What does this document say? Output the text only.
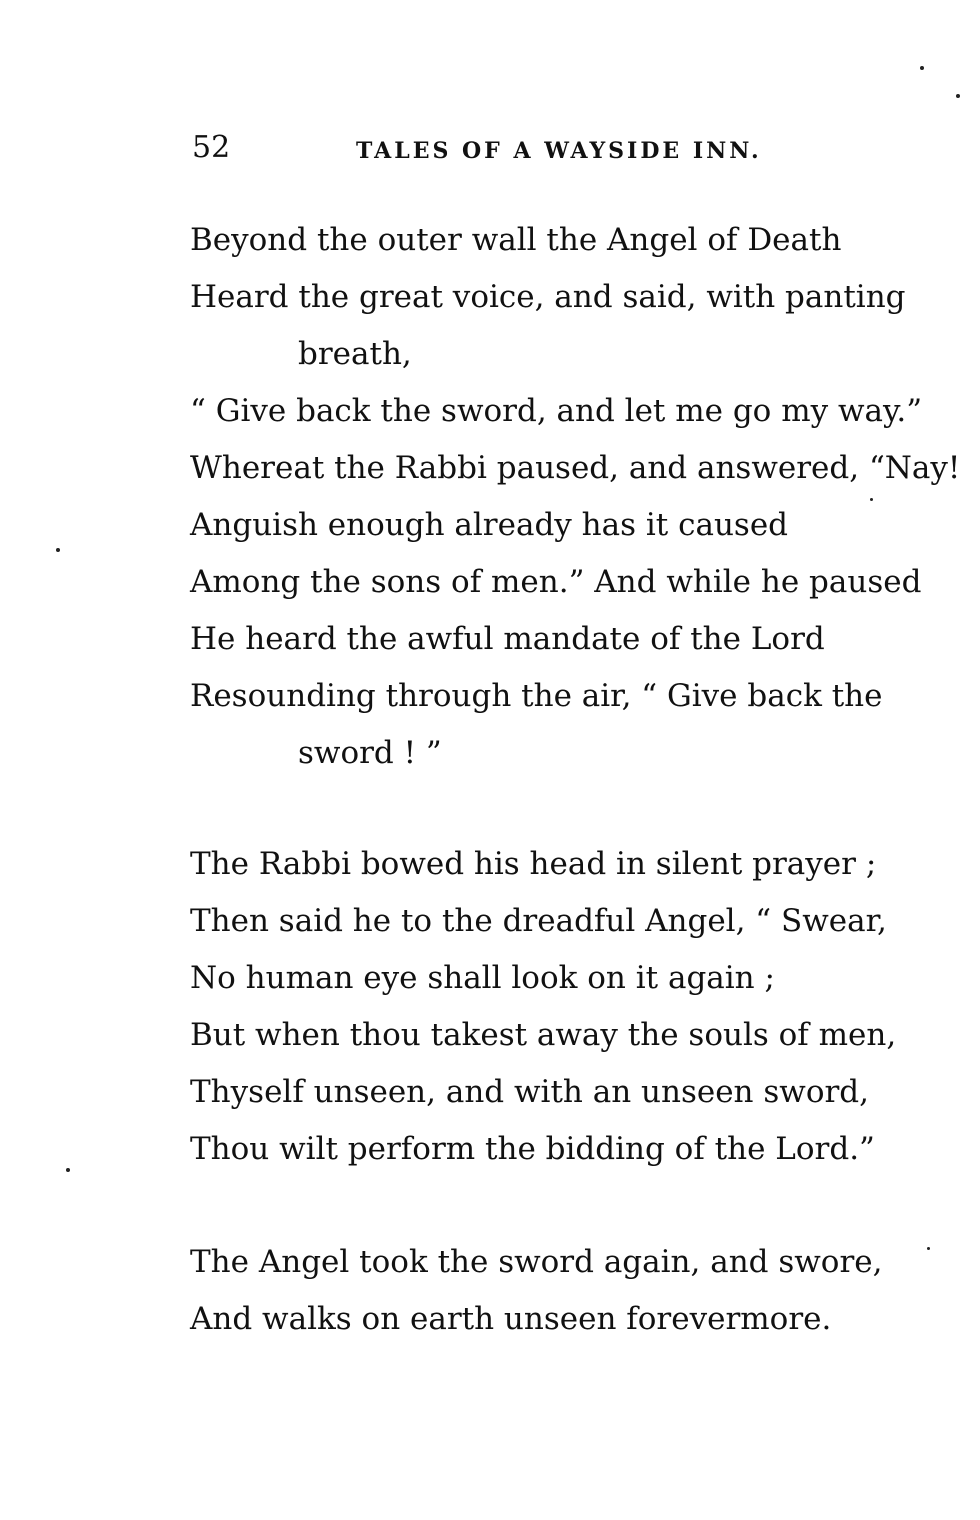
52	TALES OF A WAYSIDE INN.
Beyond the outer wall the Angel of Death
Heard the great voice, and said, with panting
breath,
“ Give back the sword, and let me go my way.”
Whereat the Rabbi paused, and answered, “Nay!
Anguish enough already has it caused
Among the sons of men.” And while he paused
He heard the awful mandate of the Lord
Resounding through the air, “ Give back the
sword ! ”
The Rabbi bowed his head in silent prayer ;
Then said he to the dreadful Angel, “ Swear,
No human eye shall look on it again ;
But when thou takest away the souls of men,
Thyself unseen, and with an unseen sword,
Thou wilt perform the bidding of the Lord.”
The Angel took the sword again, and swore,
And walks on earth unseen forevermore.
